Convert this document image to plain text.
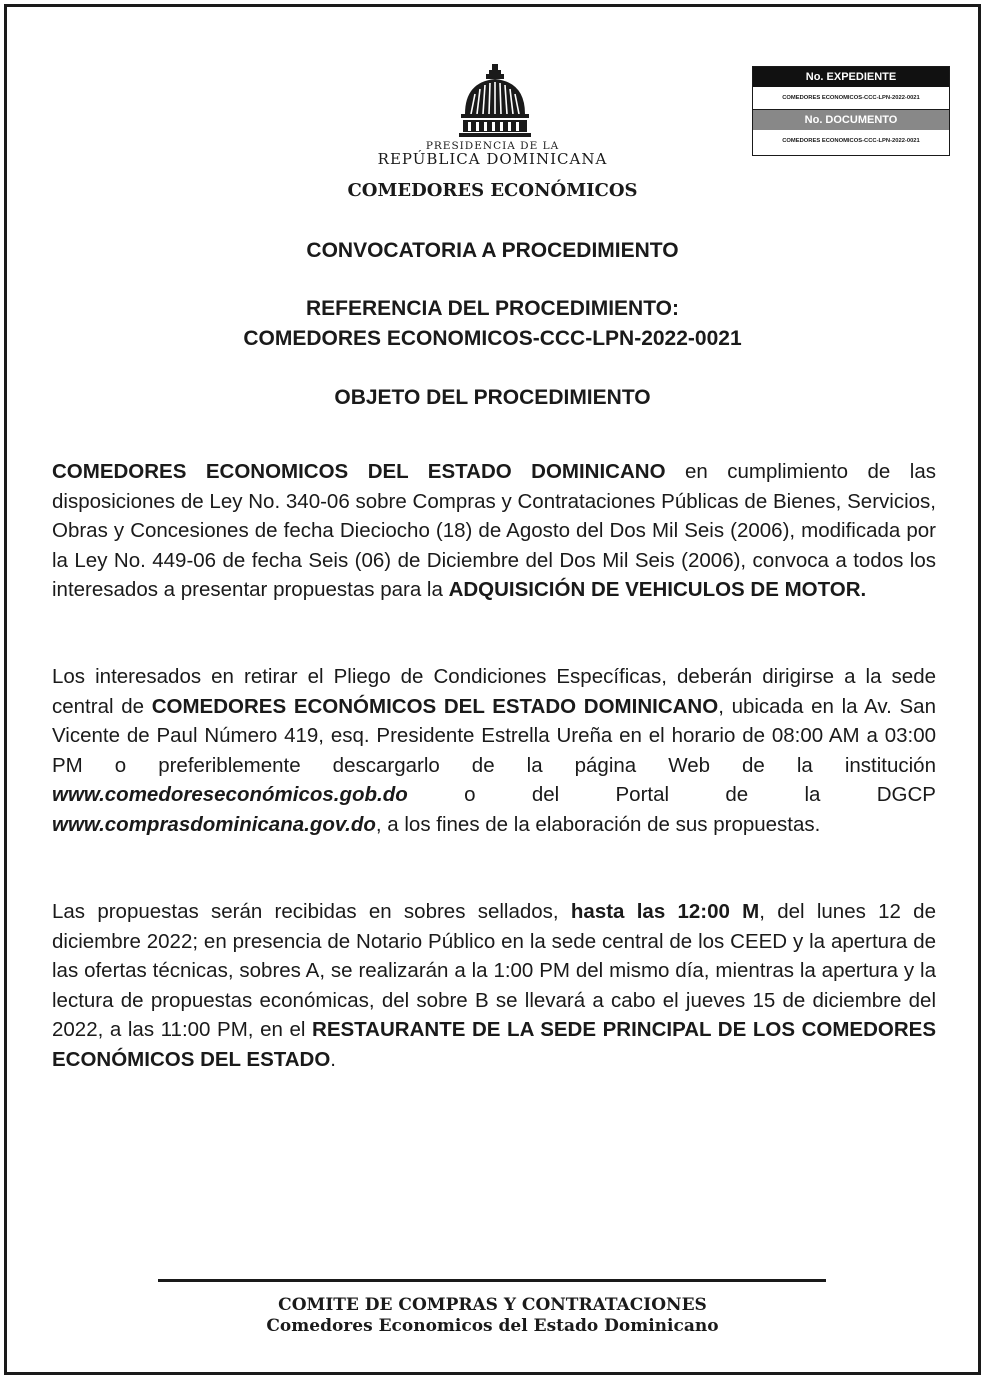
PRESIDENCIA DE LA
REPÚBLICA DOMINICANA
COMEDORES ECONÓMICOS
No. EXPEDIENTE
COMEDORES ECONOMICOS-CCC-LPN-2022-0021
No. DOCUMENTO
COMEDORES ECONOMICOS-CCC-LPN-2022-0021
CONVOCATORIA A PROCEDIMIENTO
REFERENCIA DEL PROCEDIMIENTO:
COMEDORES ECONOMICOS-CCC-LPN-2022-0021
OBJETO DEL PROCEDIMIENTO
COMEDORES ECONOMICOS DEL ESTADO DOMINICANO en cumplimiento de las disposiciones de Ley No. 340-06 sobre Compras y Contrataciones Públicas de Bienes, Servicios, Obras y Concesiones de fecha Dieciocho (18) de Agosto del Dos Mil Seis (2006), modificada por la Ley No. 449-06 de fecha Seis (06) de Diciembre del Dos Mil Seis (2006), convoca a todos los interesados a presentar propuestas para la ADQUISICIÓN DE VEHICULOS DE MOTOR.
Los interesados en retirar el Pliego de Condiciones Específicas, deberán dirigirse a la sede central de COMEDORES ECONÓMICOS DEL ESTADO DOMINICANO, ubicada en la Av. San Vicente de Paul Número 419, esq. Presidente Estrella Ureña en el horario de 08:00 AM a 03:00 PM o preferiblemente descargarlo de la página Web de la institución www.comedoreseconómicos.gob.do o del Portal de la DGCP www.comprasdominicana.gov.do, a los fines de la elaboración de sus propuestas.
Las propuestas serán recibidas en sobres sellados, hasta las 12:00 M, del lunes 12 de diciembre 2022; en presencia de Notario Público en la sede central de los CEED y la apertura de las ofertas técnicas, sobres A, se realizarán a la 1:00 PM del mismo día, mientras la apertura y la lectura de propuestas económicas, del sobre B se llevará a cabo el jueves 15 de diciembre del 2022, a las 11:00 PM, en el RESTAURANTE DE LA SEDE PRINCIPAL DE LOS COMEDORES ECONÓMICOS DEL ESTADO.
COMITE DE COMPRAS Y CONTRATACIONES
Comedores Economicos del Estado Dominicano
